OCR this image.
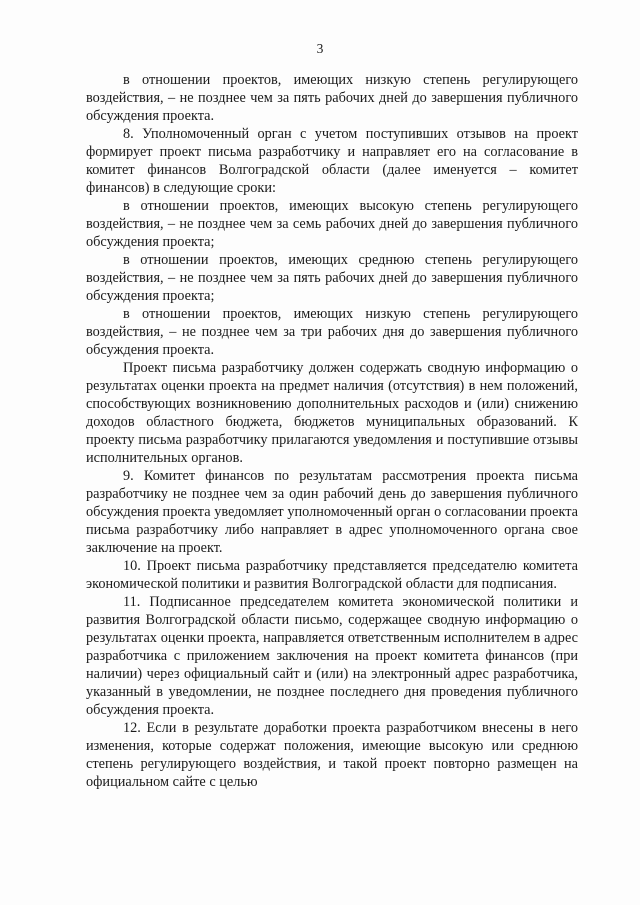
3

в отношении проектов, имеющих низкую степень регулирующего воздействия, – не позднее чем за пять рабочих дней до завершения публичного обсуждения проекта.

8. Уполномоченный орган с учетом поступивших отзывов на проект формирует проект письма разработчику и направляет его на согласование в комитет финансов Волгоградской области (далее именуется – комитет финансов) в следующие сроки:

в отношении проектов, имеющих высокую степень регулирующего воздействия, – не позднее чем за семь рабочих дней до завершения публичного обсуждения проекта;

в отношении проектов, имеющих среднюю степень регулирующего воздействия, – не позднее чем за пять рабочих дней до завершения публичного обсуждения проекта;

в отношении проектов, имеющих низкую степень регулирующего воздействия, – не позднее чем за три рабочих дня до завершения публичного обсуждения проекта.

Проект письма разработчику должен содержать сводную информацию о результатах оценки проекта на предмет наличия (отсутствия) в нем положений, способствующих возникновению дополнительных расходов и (или) снижению доходов областного бюджета, бюджетов муниципальных образований. К проекту письма разработчику прилагаются уведомления и поступившие отзывы исполнительных органов.

9. Комитет финансов по результатам рассмотрения проекта письма разработчику не позднее чем за один рабочий день до завершения публичного обсуждения проекта уведомляет уполномоченный орган о согласовании проекта письма разработчику либо направляет в адрес уполномоченного органа свое заключение на проект.

10. Проект письма разработчику представляется председателю комитета экономической политики и развития Волгоградской области для подписания.

11. Подписанное председателем комитета экономической политики и развития Волгоградской области письмо, содержащее сводную информацию о результатах оценки проекта, направляется ответственным исполнителем в адрес разработчика с приложением заключения на проект комитета финансов (при наличии) через официальный сайт и (или) на электронный адрес разработчика, указанный в уведомлении, не позднее последнего дня проведения публичного обсуждения проекта.

12. Если в результате доработки проекта разработчиком внесены в него изменения, которые содержат положения, имеющие высокую или среднюю степень регулирующего воздействия, и такой проект повторно размещен на официальном сайте с целью
